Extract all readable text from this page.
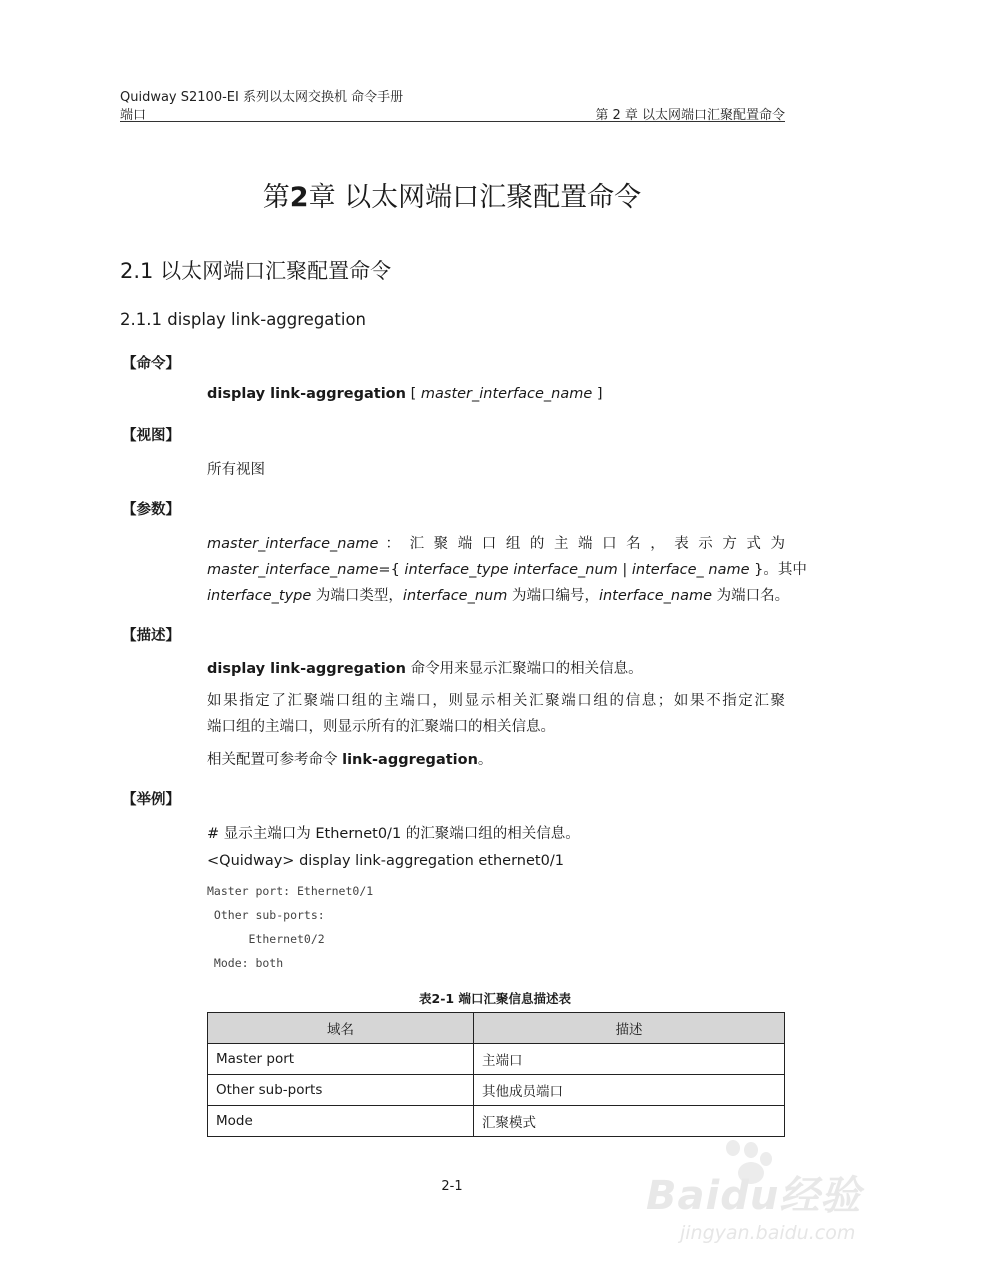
Quidway S2100-EI 系列以太网交换机 命令手册
端口	第 2 章 以太网端口汇聚配置命令
第2章 以太网端口汇聚配置命令
2.1 以太网端口汇聚配置命令
2.1.1 display link-aggregation
【命令】
display link-aggregation [ master_interface_name ]
【视图】
所有视图
【参数】
master_interface_name ： 汇 聚 端 口 组 的 主 端 口 名 ， 表 示 方 式 为
master_interface_name={ interface_type interface_num | interface_ name }。其中
interface_type 为端口类型，interface_num 为端口编号，interface_name 为端口名。
【描述】
display link-aggregation 命令用来显示汇聚端口的相关信息。
如果指定了汇聚端口组的主端口，则显示相关汇聚端口组的信息；如果不指定汇聚
端口组的主端口，则显示所有的汇聚端口的相关信息。
相关配置可参考命令 link-aggregation。
【举例】
# 显示主端口为 Ethernet0/1 的汇聚端口组的相关信息。
<Quidway> display link-aggregation ethernet0/1
Master port: Ethernet0/1
Other sub-ports:
Ethernet0/2
Mode: both
表2-1 端口汇聚信息描述表
域名	描述
Master port	主端口
Other sub-ports	其他成员端口
Mode	汇聚模式
2-1	Baidu经验
jingyan.baidu.com
